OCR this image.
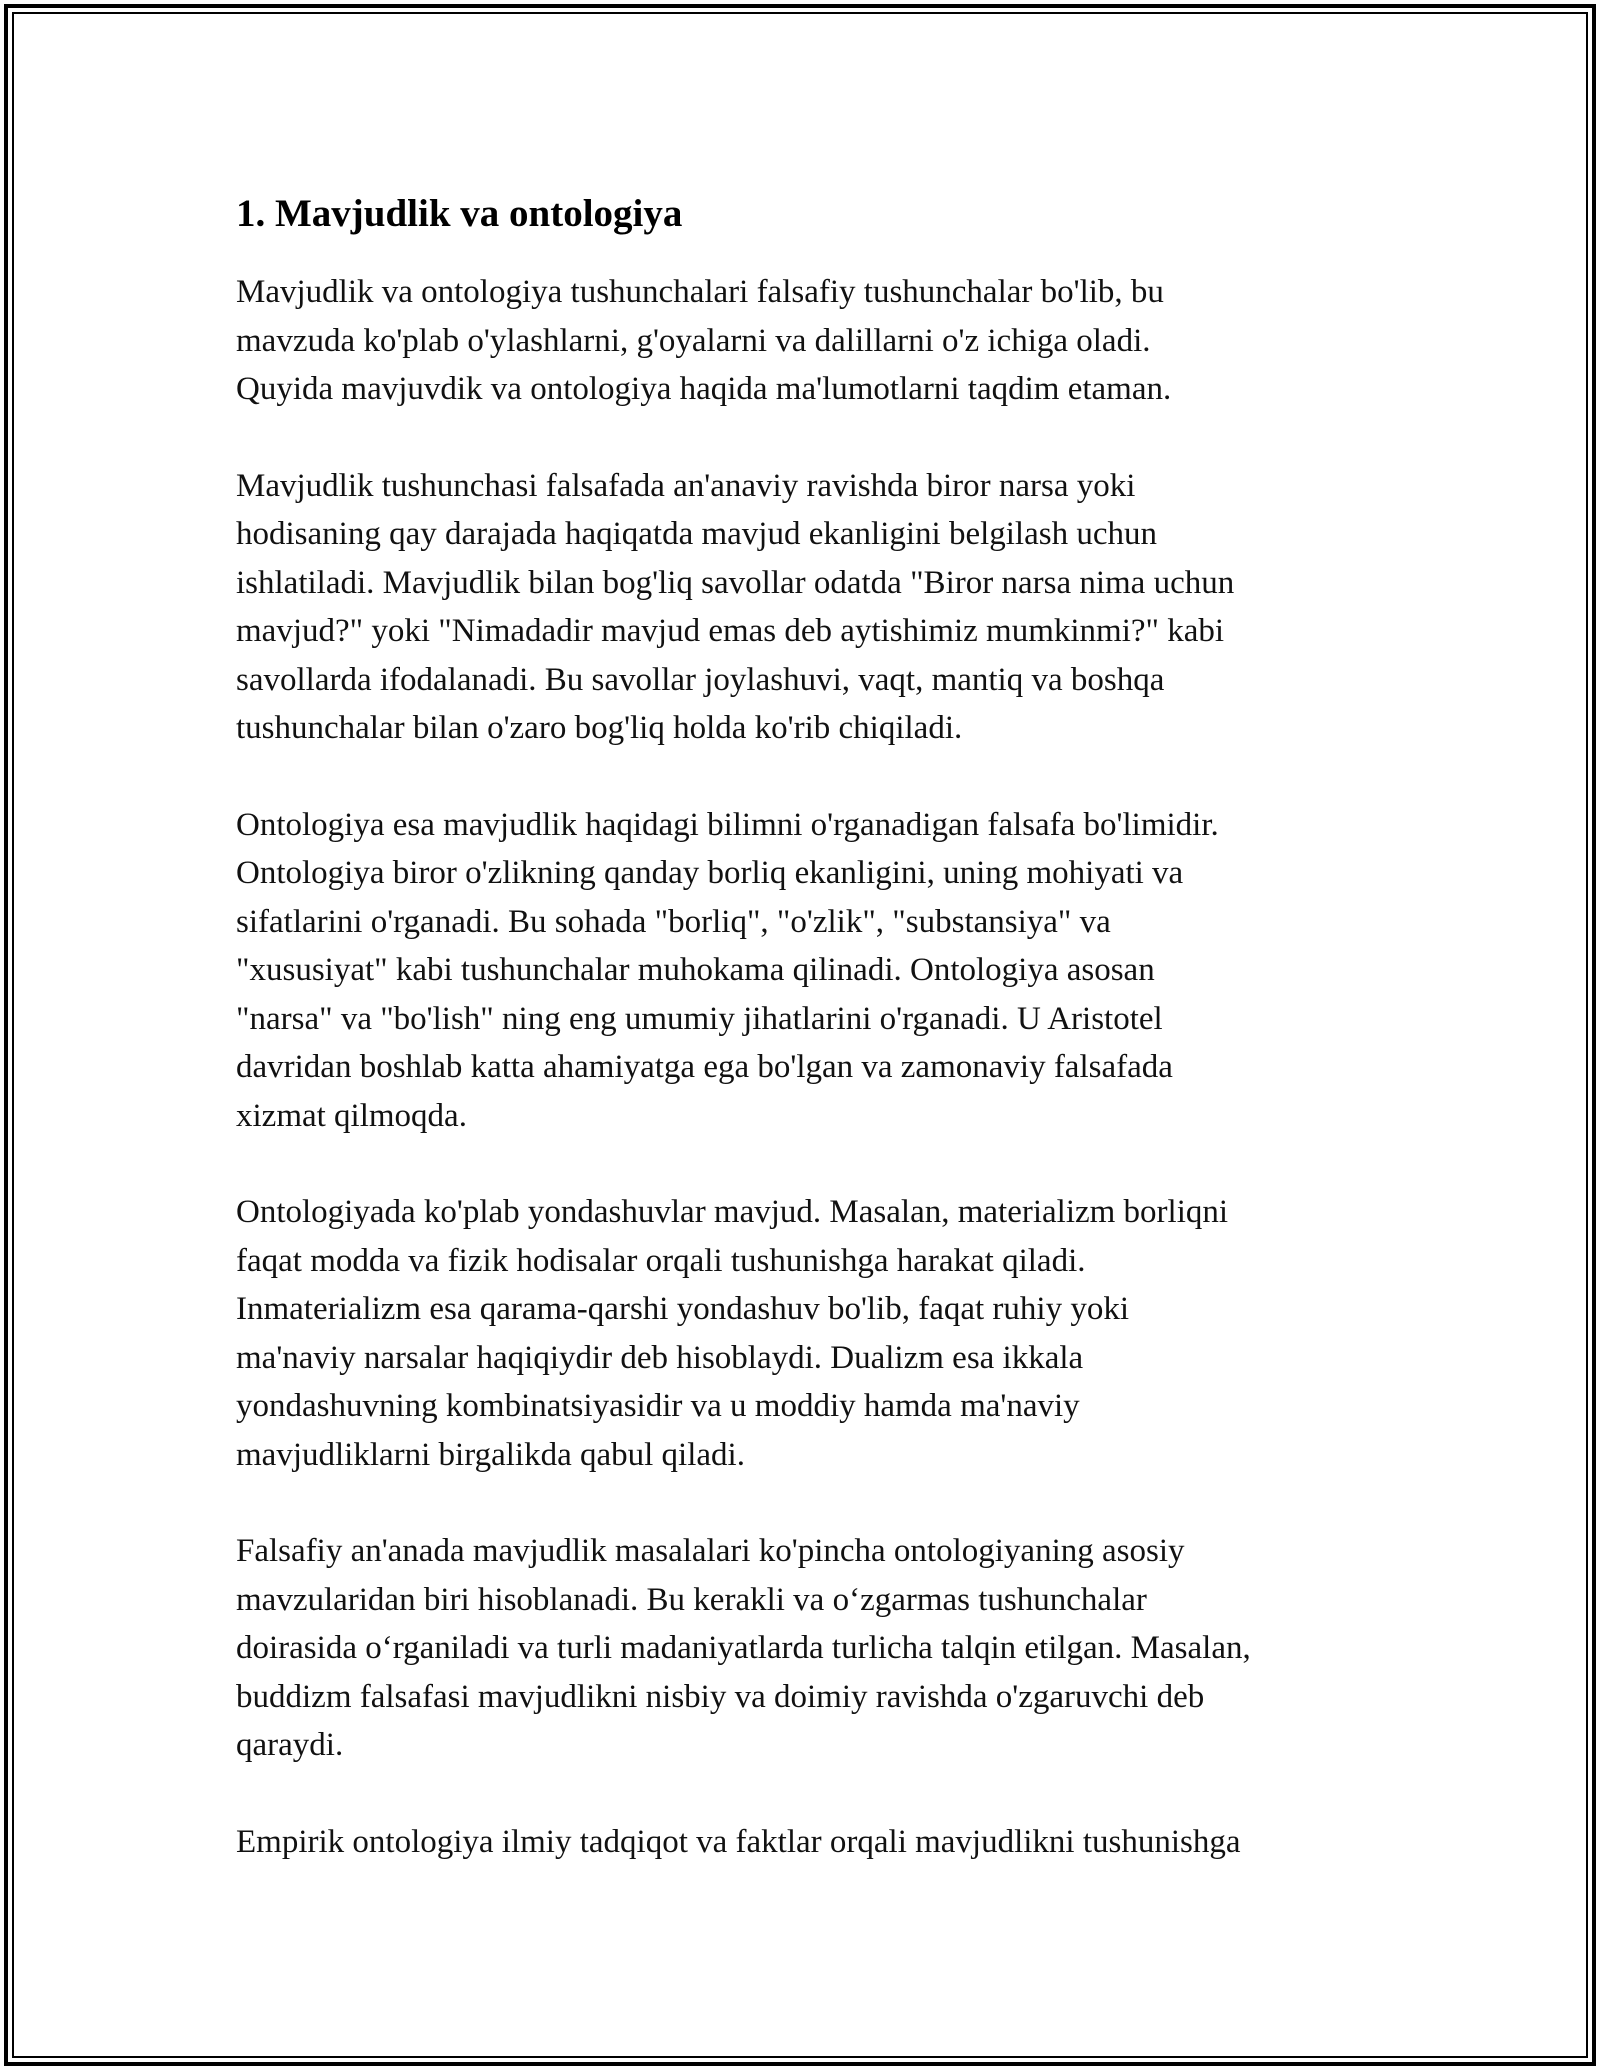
1. Mavjudlik va ontologiya

Mavjudlik va ontologiya tushunchalari falsafiy tushunchalar bo'lib, bu
mavzuda ko'plab o'ylashlarni, g'oyalarni va dalillarni o'z ichiga oladi.
Quyida mavjuvdik va ontologiya haqida ma'lumotlarni taqdim etaman.

Mavjudlik tushunchasi falsafada an'anaviy ravishda biror narsa yoki
hodisaning qay darajada haqiqatda mavjud ekanligini belgilash uchun
ishlatiladi. Mavjudlik bilan bog'liq savollar odatda "Biror narsa nima uchun
mavjud?" yoki "Nimadadir mavjud emas deb aytishimiz mumkinmi?" kabi
savollarda ifodalanadi. Bu savollar joylashuvi, vaqt, mantiq va boshqa
tushunchalar bilan o'zaro bog'liq holda ko'rib chiqiladi.

Ontologiya esa mavjudlik haqidagi bilimni o'rganadigan falsafa bo'limidir.
Ontologiya biror o'zlikning qanday borliq ekanligini, uning mohiyati va
sifatlarini o'rganadi. Bu sohada "borliq", "o'zlik", "substansiya" va
"xususiyat" kabi tushunchalar muhokama qilinadi. Ontologiya asosan
"narsa" va "bo'lish" ning eng umumiy jihatlarini o'rganadi. U Aristotel
davridan boshlab katta ahamiyatga ega bo'lgan va zamonaviy falsafada
xizmat qilmoqda.

Ontologiyada ko'plab yondashuvlar mavjud. Masalan, materializm borliqni
faqat modda va fizik hodisalar orqali tushunishga harakat qiladi.
Inmaterializm esa qarama-qarshi yondashuv bo'lib, faqat ruhiy yoki
ma'naviy narsalar haqiqiydir deb hisoblaydi. Dualizm esa ikkala
yondashuvning kombinatsiyasidir va u moddiy hamda ma'naviy
mavjudliklarni birgalikda qabul qiladi.

Falsafiy an'anada mavjudlik masalalari ko'pincha ontologiyaning asosiy
mavzularidan biri hisoblanadi. Bu kerakli va o‘zgarmas tushunchalar
doirasida o‘rganiladi va turli madaniyatlarda turlicha talqin etilgan. Masalan,
buddizm falsafasi mavjudlikni nisbiy va doimiy ravishda o'zgaruvchi deb
qaraydi.

Empirik ontologiya ilmiy tadqiqot va faktlar orqali mavjudlikni tushunishga
